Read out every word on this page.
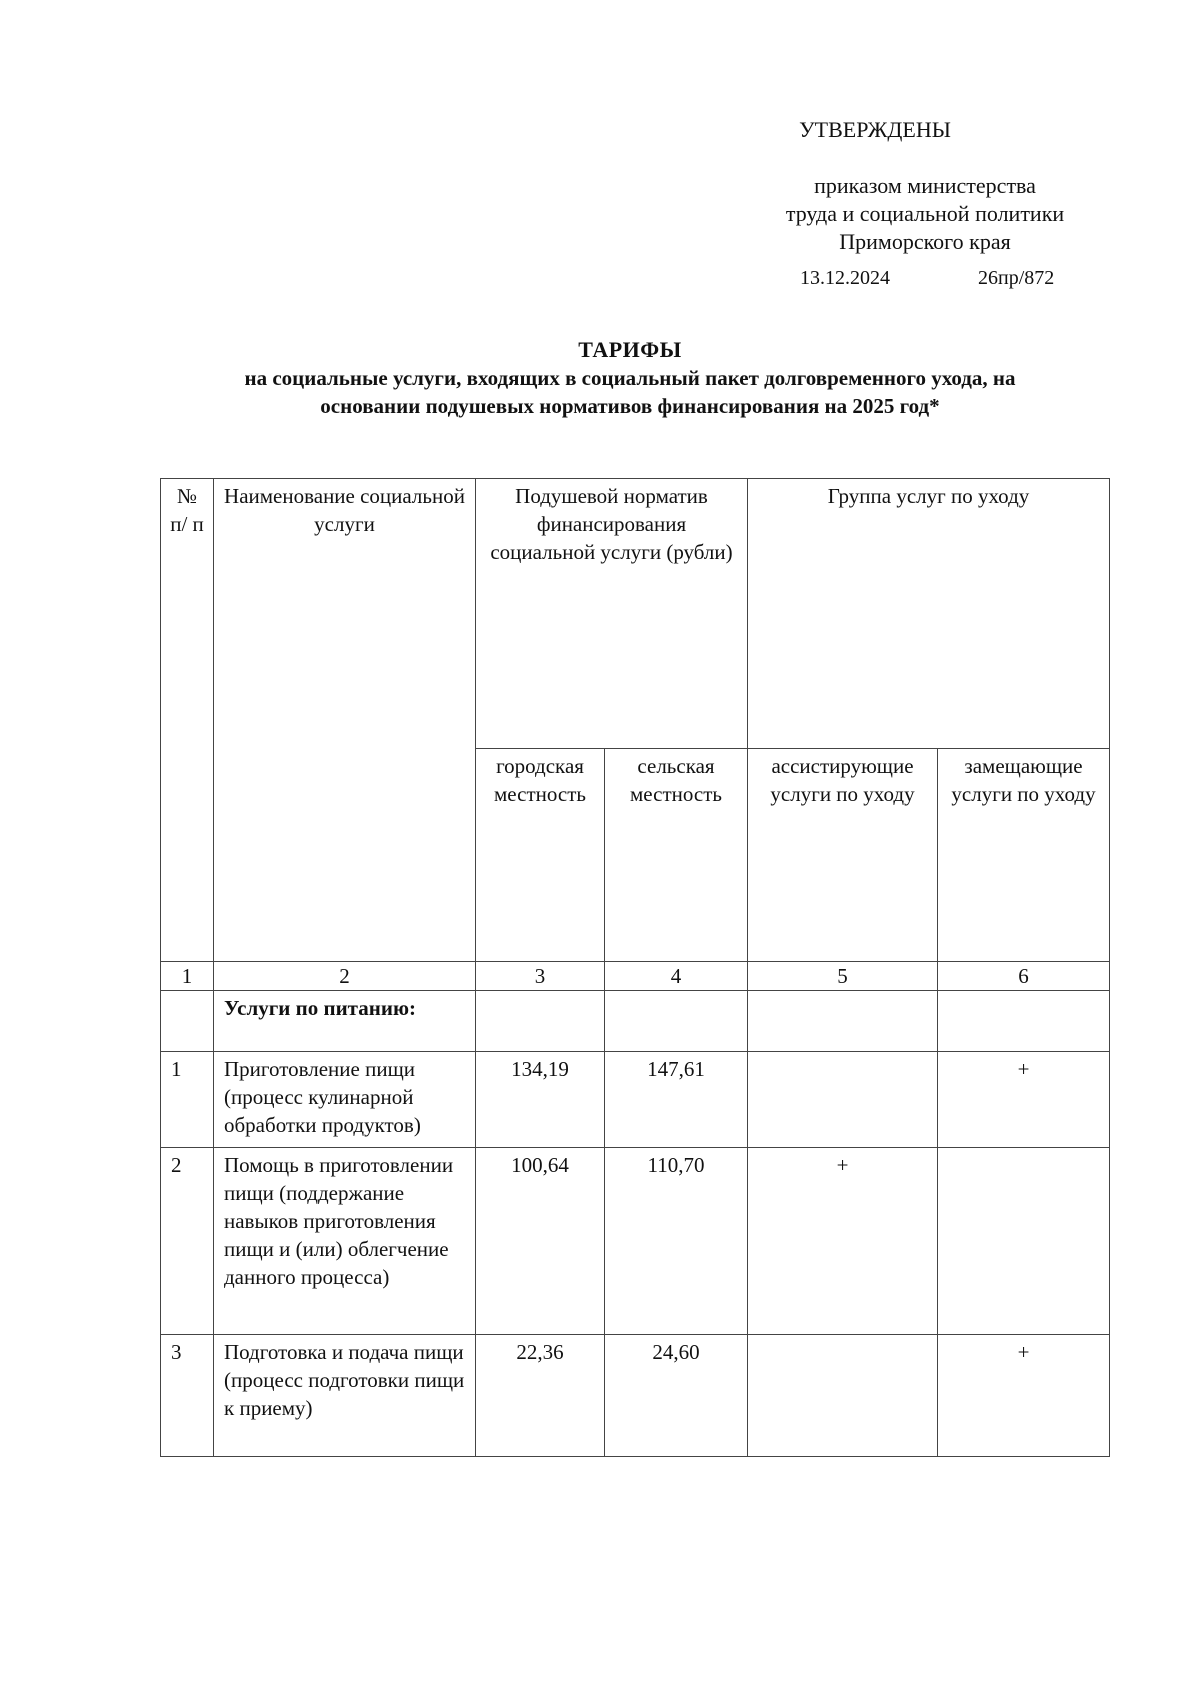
УТВЕРЖДЕНЫ
приказом министерства
труда и социальной политики
Приморского края
13.12.2024	26пр/872
ТАРИФЫ
на социальные услуги, входящих в социальный пакет долговременного ухода, на
основании подушевых нормативов финансирования на 2025 год*
№ п/ п	Наименование социальной услуги	Подушевой норматив финансирования социальной услуги (рубли)		Группа услуг по уходу	
		городская местность	сельская местность	ассистирующие услуги по уходу	замещающие услуги по уходу
1	2	3	4	5	6
	Услуги по питанию:				
1	Приготовление пищи (процесс кулинарной обработки продуктов)	134,19	147,61		+
2	Помощь в приготовлении пищи (поддержание навыков приготовления пищи и (или) облегчение данного процесса)	100,64	110,70	+	
3	Подготовка и подача пищи (процесс подготовки пищи к приему)	22,36	24,60		+
